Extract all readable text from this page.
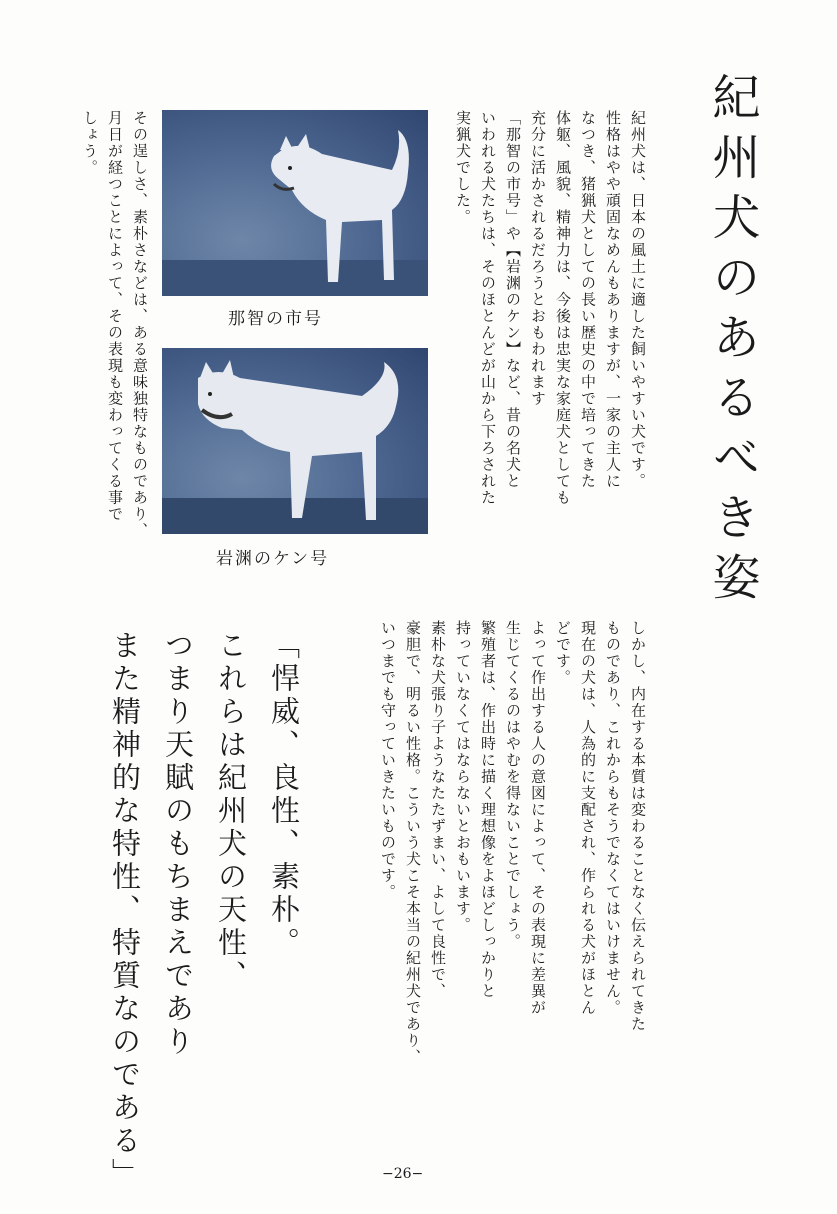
紀州犬のあるべき姿
紀州犬は、日本の風土に適した飼いやすい犬です。
性格はやや頑固なめんもありますが、一家の主人に
なつき、猪猟犬としての長い歴史の中で培ってきた
体躯、風貌、精神力は、今後は忠実な家庭犬としても
充分に活かされるだろうとおもわれます
「那智の市号」や【岩渊のケン】など、昔の名犬と
いわれる犬たちは、そのほとんどが山から下ろされた
実猟犬でした。

那智の市号

岩渊のケン号

その逞しさ、素朴さなどは、ある意味独特なものであり、
月日が経つことによって、その表現も変わってくる事で
しょう。
しかし、内在する本質は変わることなく伝えられてきた
ものであり、これからもそうでなくてはいけません。
現在の犬は、人為的に支配され、作られる犬がほとん
どです。
よって作出する人の意図によって、その表現に差異が
生じてくるのはやむを得ないことでしょう。
繁殖者は、作出時に描く理想像をよほどしっかりと
持っていなくてはならないとおもいます。
素朴な犬張り子ようなたたずまい、よして良性で、
豪胆で、明るい性格。こういう犬こそ本当の紀州犬であり、
いつまでも守っていきたいものです。
「悍威、良性、素朴。
これらは紀州犬の天性、
つまり天賦のもちまえであり
また精神的な特性、特質なのである」	−26−
